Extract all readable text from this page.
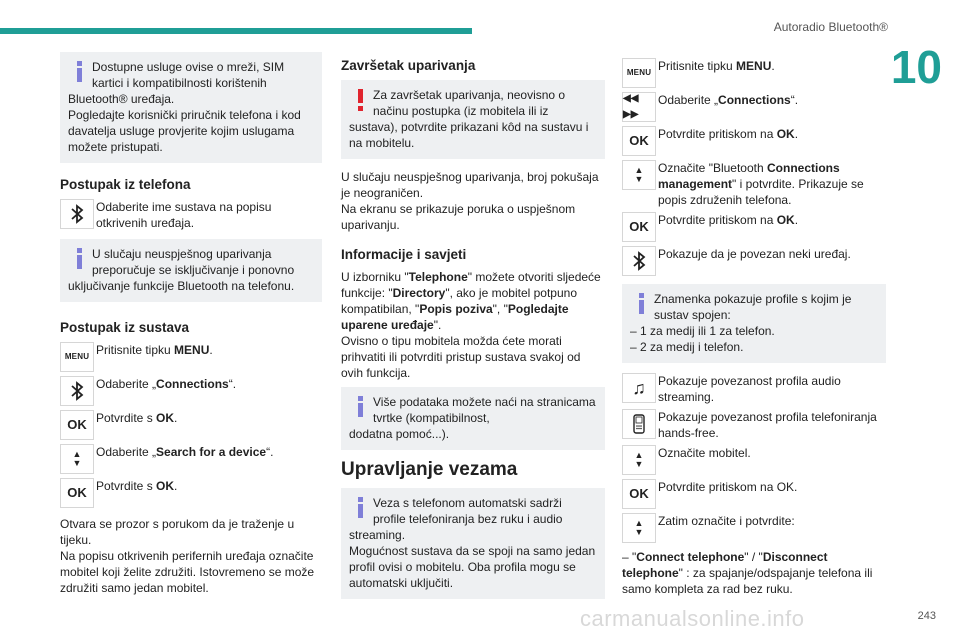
Autoradio Bluetooth®
10
Dostupne usluge ovise o mreži, SIM kartici i kompatibilnosti korištenih
Bluetooth® uređaja.
Pogledajte korisnički priručnik telefona i kod davatelja usluge provjerite kojim uslugama možete pristupati.
Postupak iz telefona
Odaberite ime sustava na popisu otkrivenih uređaja.
U slučaju neuspješnog uparivanja preporučuje se isključivanje i ponovno
uključivanje funkcije Bluetooth na telefonu.
Postupak iz sustava
MENU Pritisnite tipku MENU.
Odaberite „Connections“.
OK Potvrdite s OK.
▲
▼
Odaberite „Search for a device“.
OK Potvrdite s OK.

Otvara se prozor s porukom da je traženje u tijeku.
Na popisu otkrivenih perifernih uređaja označite mobitel koji želite združiti. Istovremeno se može združiti samo jedan mobitel.

Završetak uparivanja
Za završetak uparivanja, neovisno o načinu postupka (iz mobitela ili iz
sustava), potvrdite prikazani kôd na sustavu i na mobitelu.

U slučaju neuspješnog uparivanja, broj pokušaja je neograničen.
Na ekranu se prikazuje poruka o uspješnom uparivanju.

Informacije i savjeti

U izborniku "Telephone" možete otvoriti sljedeće funkcije: "Directory", ako je mobitel potpuno kompatibilan, "Popis poziva", "Pogledajte uparene uređaje".
Ovisno o tipu mobitela možda ćete morati prihvatiti ili potvrditi pristup sustava svakoj od ovih funkcija.

Više podataka možete naći na stranicama tvrtke (kompatibilnost,
dodatna pomoć...).
Upravljanje vezama
Veza s telefonom automatski sadrži profile telefoniranja bez ruku i audio
streaming.
Mogućnost sustava da se spoji na samo jedan profil ovisi o mobitelu. Oba profila mogu se automatski uključiti.
MENU Pritisnite tipku MENU.
◀◀ ▶▶
Odaberite „Connections“.
OK Potvrdite pritiskom na OK.
▲
▼
Označite "Bluetooth Connections management" i potvrdite. Prikazuje se popis združenih telefona.
OK Potvrdite pritiskom na OK.
Pokazuje da je povezan neki uređaj.
Znamenka pokazuje profile s kojim je sustav spojen:
– 1 za medij ili 1 za telefon.
– 2 za medij i telefon.
♫	Pokazuje povezanost profila audio streaming.
Pokazuje povezanost profila telefoniranja hands-free.
▲
▼
Označite mobitel.
OK Potvrdite pritiskom na OK.
▲
▼
Zatim označite i potvrdite:

– "Connect telephone" / "Disconnect telephone" : za spajanje/odspajanje telefona ili samo kompleta za rad bez ruku.

carmanualsonline.info	243
